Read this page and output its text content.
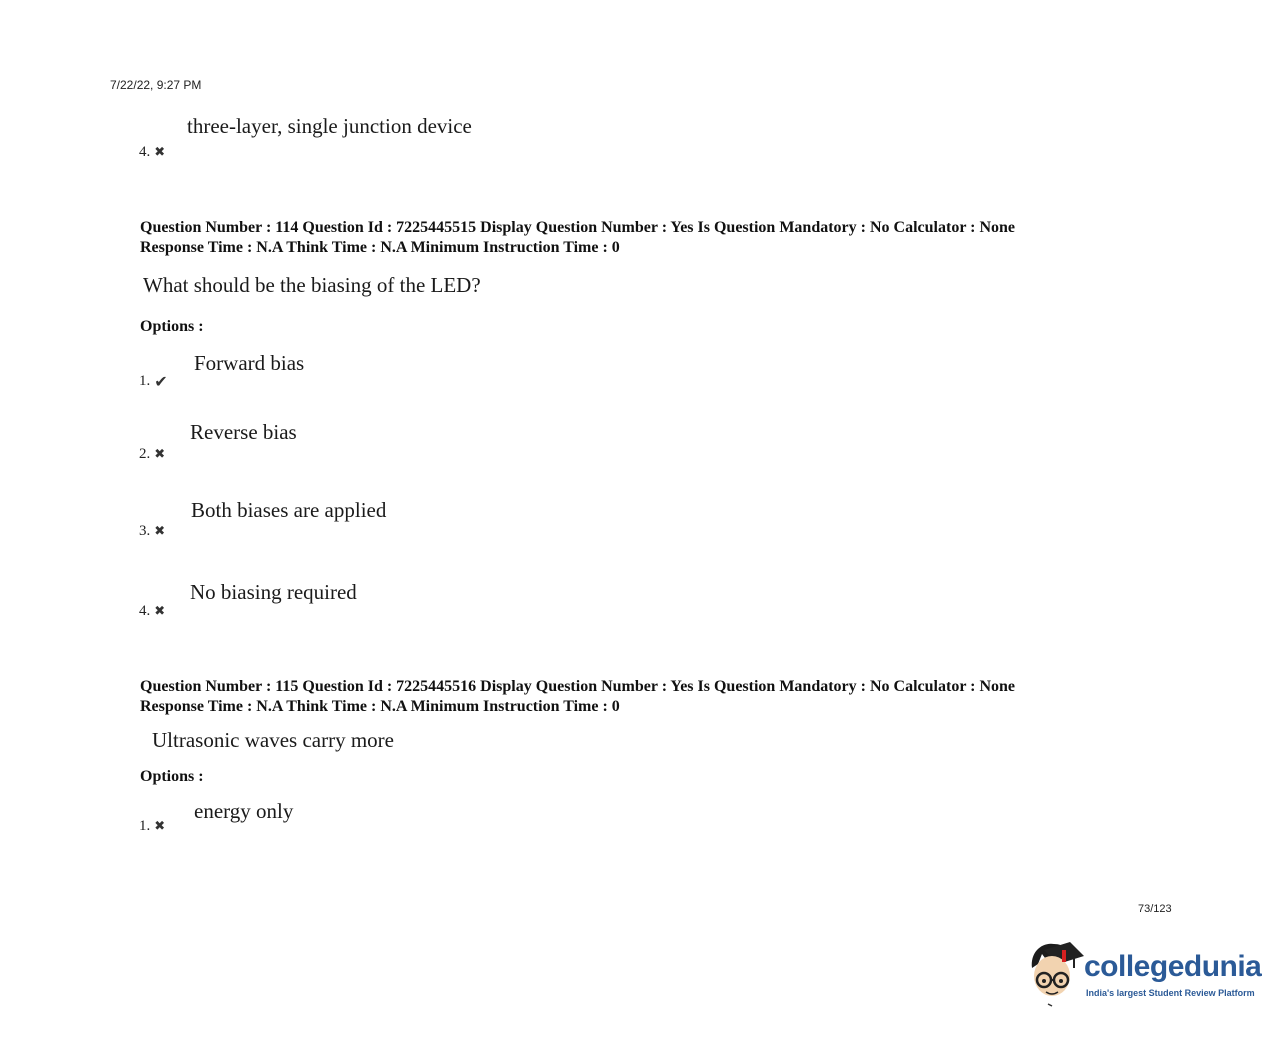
7/22/22, 9:27 PM
three-layer, single junction device
4. ✖
Question Number : 114 Question Id : 7225445515 Display Question Number : Yes Is Question Mandatory : No Calculator : None
Response Time : N.A Think Time : N.A Minimum Instruction Time : 0
What should be the biasing of the LED?
Options :
Forward bias
1. ✔
Reverse bias
2. ✖
Both biases are applied
3. ✖
No biasing required
4. ✖
Question Number : 115 Question Id : 7225445516 Display Question Number : Yes Is Question Mandatory : No Calculator : None
Response Time : N.A Think Time : N.A Minimum Instruction Time : 0
Ultrasonic waves carry more
Options :
energy only
1. ✖
73/123
collegedunia
India's largest Student Review Platform
